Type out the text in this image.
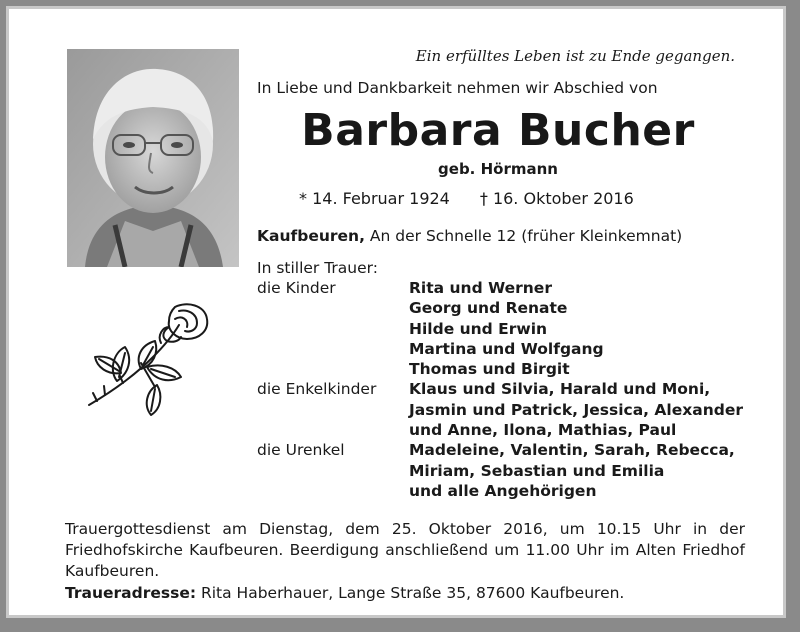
Ein erfülltes Leben ist zu Ende gegangen.
In Liebe und Dankbarkeit nehmen wir Abschied von
Barbara Bucher
geb. Hörmann
* 14. Februar 1924 † 16. Oktober 2016
Kaufbeuren, An der Schnelle 12 (früher Kleinkemnat)
In stiller Trauer:
die Kinder	Rita und Werner
Georg und Renate
Hilde und Erwin
Martina und Wolfgang
Thomas und Birgit
die Enkelkinder	Klaus und Silvia, Harald und Moni,
Jasmin und Patrick, Jessica, Alexander
und Anne, Ilona, Mathias, Paul
die Urenkel	Madeleine, Valentin, Sarah, Rebecca,
Miriam, Sebastian und Emilia
und alle Angehörigen
Trauergottesdienst am Dienstag, dem 25. Oktober 2016, um 10.15 Uhr in der Friedhofskirche Kaufbeuren. Beerdigung anschließend um 11.00 Uhr im Alten Friedhof Kaufbeuren.
Traueradresse: Rita Haberhauer, Lange Straße 35, 87600 Kaufbeuren.
